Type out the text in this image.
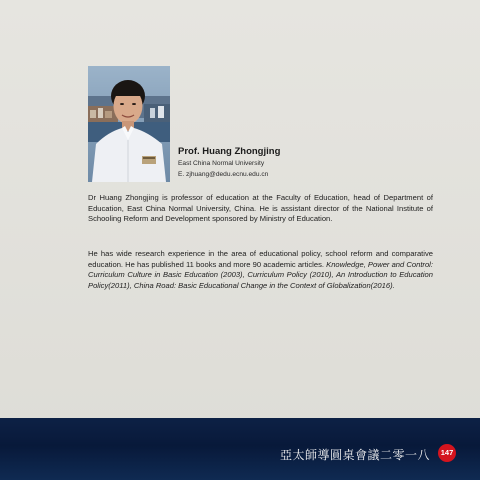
Prof. Huang Zhongjing
East China Normal University
E. zjhuang@dedu.ecnu.edu.cn

Dr Huang Zhongjing is professor of education at the Faculty of Education, head of Department of Education, East China Normal University, China. He is assistant director of the National Institute of Schooling Reform and Development sponsored by Ministry of Education.

He has wide research experience in the area of educational policy, school reform and comparative education. He has published 11 books and more 90 academic articles. Knowledge, Power and Control: Curriculum Culture in Basic Education (2003), Curriculum Policy (2010), An Introduction to Education Policy(2011), China Road: Basic Educational Change in the Context of Globalization(2016).

亞太師導圓桌會議二零一八	147
